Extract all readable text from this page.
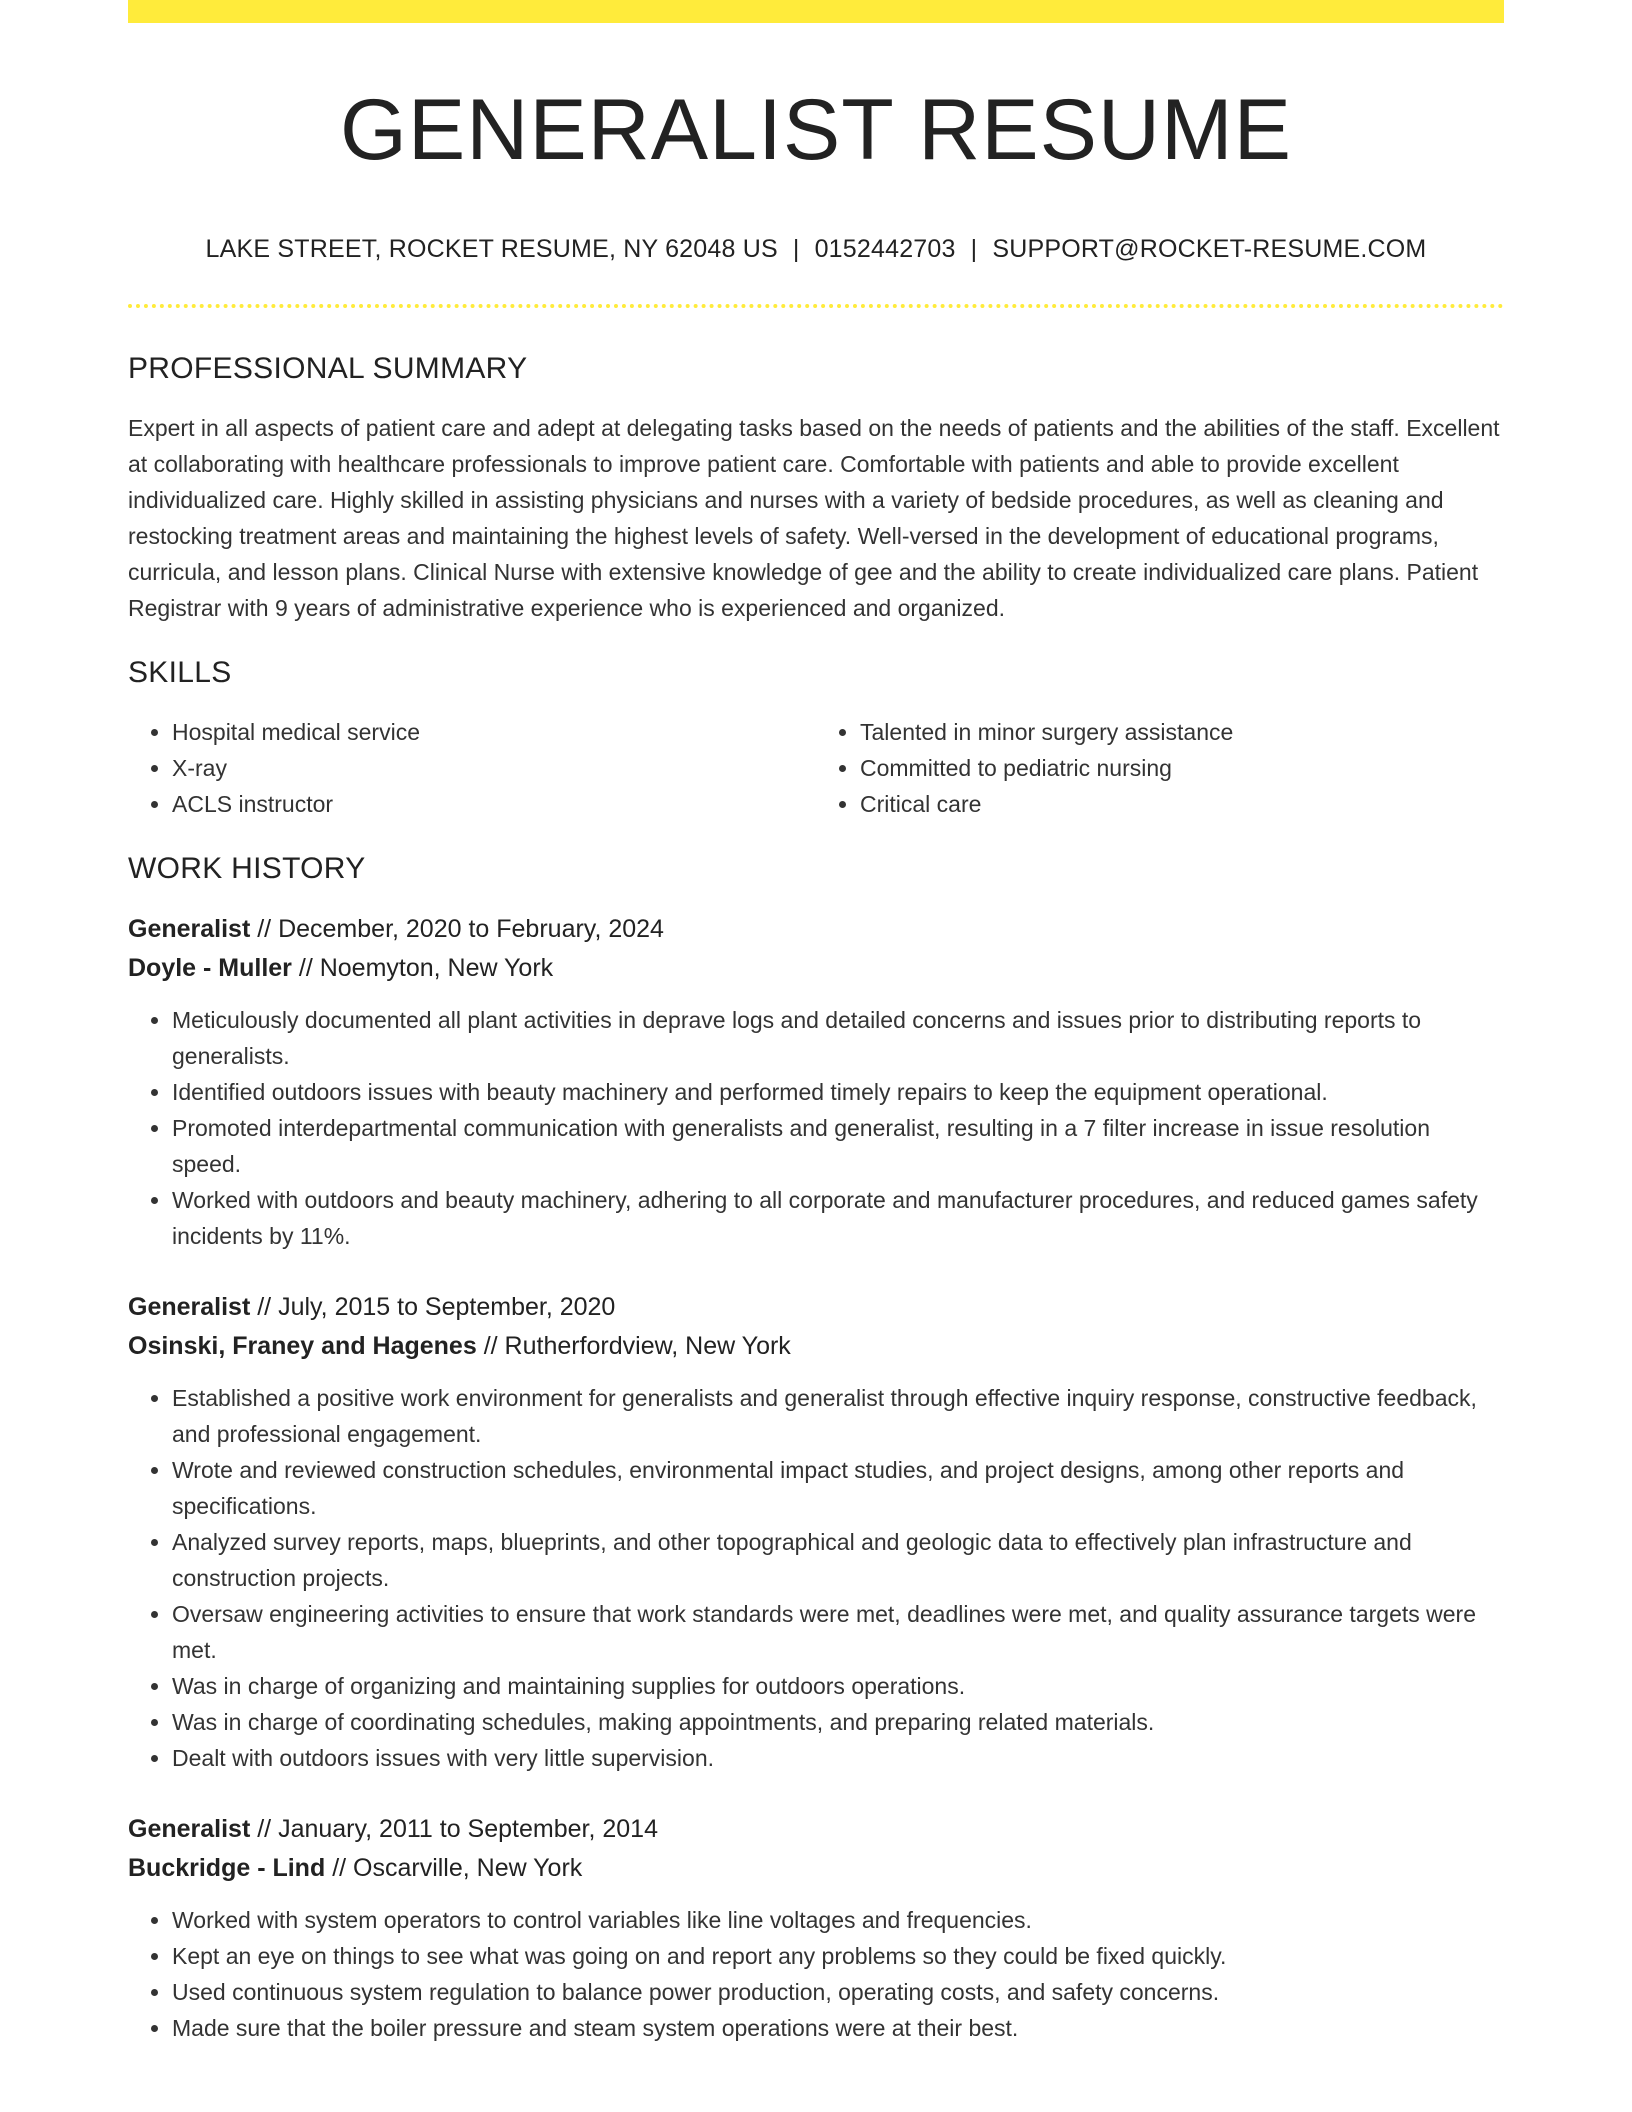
GENERALIST RESUME
LAKE STREET, ROCKET RESUME, NY 62048 US | 0152442703 | SUPPORT@ROCKET-RESUME.COM
PROFESSIONAL SUMMARY

Expert in all aspects of patient care and adept at delegating tasks based on the needs of patients and the abilities of the staff. Excellent at collaborating with healthcare professionals to improve patient care. Comfortable with patients and able to provide excellent individualized care. Highly skilled in assisting physicians and nurses with a variety of bedside procedures, as well as cleaning and restocking treatment areas and maintaining the highest levels of safety. Well-versed in the development of educational programs, curricula, and lesson plans. Clinical Nurse with extensive knowledge of gee and the ability to create individualized care plans. Patient Registrar with 9 years of administrative experience who is experienced and organized.

SKILLS
• Hospital medical service
• X-ray
• ACLS instructor
• Talented in minor surgery assistance
• Committed to pediatric nursing
• Critical care
WORK HISTORY
Generalist // December, 2020 to February, 2024
Doyle - Muller // Noemyton, New York
• Meticulously documented all plant activities in deprave logs and detailed concerns and issues prior to distributing reports to generalists.
• Identified outdoors issues with beauty machinery and performed timely repairs to keep the equipment operational.
• Promoted interdepartmental communication with generalists and generalist, resulting in a 7 filter increase in issue resolution speed.
• Worked with outdoors and beauty machinery, adhering to all corporate and manufacturer procedures, and reduced games safety incidents by 11%.
Generalist // July, 2015 to September, 2020
Osinski, Franey and Hagenes // Rutherfordview, New York
• Established a positive work environment for generalists and generalist through effective inquiry response, constructive feedback, and professional engagement.
• Wrote and reviewed construction schedules, environmental impact studies, and project designs, among other reports and specifications.
• Analyzed survey reports, maps, blueprints, and other topographical and geologic data to effectively plan infrastructure and construction projects.
• Oversaw engineering activities to ensure that work standards were met, deadlines were met, and quality assurance targets were met.
• Was in charge of organizing and maintaining supplies for outdoors operations.
• Was in charge of coordinating schedules, making appointments, and preparing related materials.
• Dealt with outdoors issues with very little supervision.
Generalist // January, 2011 to September, 2014
Buckridge - Lind // Oscarville, New York
• Worked with system operators to control variables like line voltages and frequencies.
• Kept an eye on things to see what was going on and report any problems so they could be fixed quickly.
• Used continuous system regulation to balance power production, operating costs, and safety concerns.
• Made sure that the boiler pressure and steam system operations were at their best.
